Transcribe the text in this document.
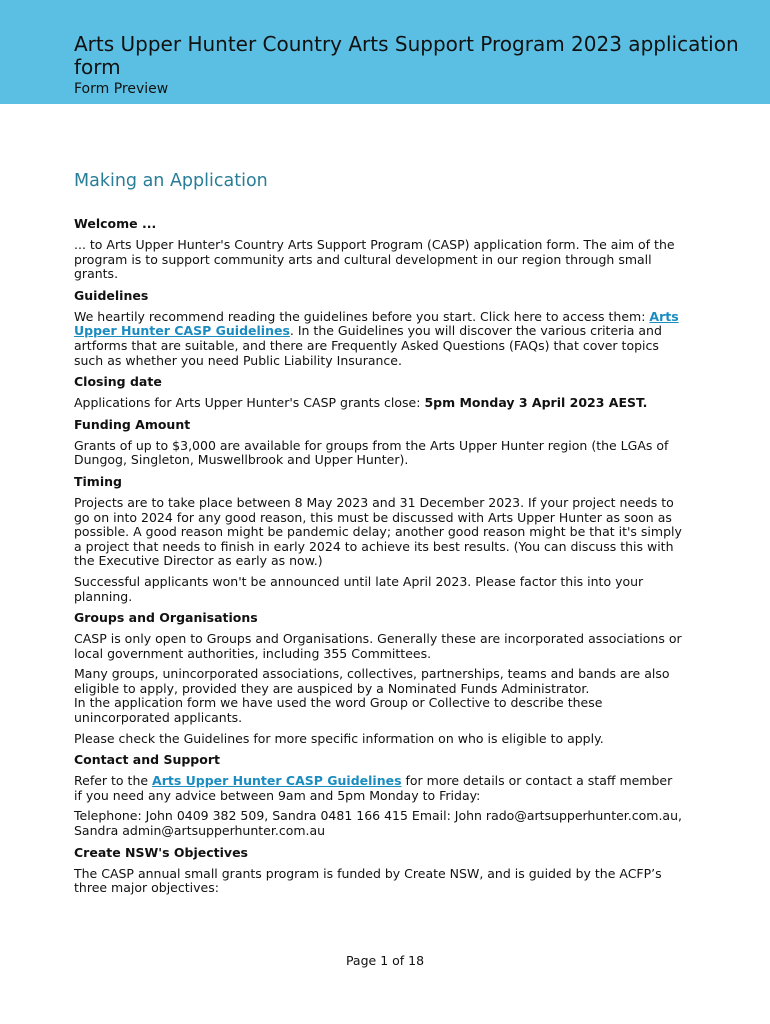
Arts Upper Hunter Country Arts Support Program 2023 application form
Form Preview
Making an Application
Welcome ...
... to Arts Upper Hunter's Country Arts Support Program (CASP) application form. The aim of the program is to support community arts and cultural development in our region through small grants.
Guidelines
We heartily recommend reading the guidelines before you start. Click here to access them: Arts Upper Hunter CASP Guidelines. In the Guidelines you will discover the various criteria and artforms that are suitable, and there are Frequently Asked Questions (FAQs) that cover topics such as whether you need Public Liability Insurance.
Closing date
Applications for Arts Upper Hunter's CASP grants close: 5pm Monday 3 April 2023 AEST.
Funding Amount
Grants of up to $3,000 are available for groups from the Arts Upper Hunter region (the LGAs of Dungog, Singleton, Muswellbrook and Upper Hunter).
Timing
Projects are to take place between 8 May 2023 and 31 December 2023. If your project needs to go on into 2024 for any good reason, this must be discussed with Arts Upper Hunter as soon as possible. A good reason might be pandemic delay; another good reason might be that it's simply a project that needs to finish in early 2024 to achieve its best results. (You can discuss this with the Executive Director as early as now.)
Successful applicants won't be announced until late April 2023. Please factor this into your planning.
Groups and Organisations
CASP is only open to Groups and Organisations. Generally these are incorporated associations or local government authorities, including 355 Committees.
Many groups, unincorporated associations, collectives, partnerships, teams and bands are also eligible to apply, provided they are auspiced by a Nominated Funds Administrator.
In the application form we have used the word Group or Collective to describe these unincorporated applicants.
Please check the Guidelines for more specific information on who is eligible to apply.
Contact and Support
Refer to the Arts Upper Hunter CASP Guidelines for more details or contact a staff member if you need any advice between 9am and 5pm Monday to Friday:
Telephone: John 0409 382 509, Sandra 0481 166 415 Email: John rado@artsupperhunter.com.au, Sandra admin@artsupperhunter.com.au
Create NSW's Objectives
The CASP annual small grants program is funded by Create NSW, and is guided by the ACFP’s three major objectives:
Page 1 of 18
